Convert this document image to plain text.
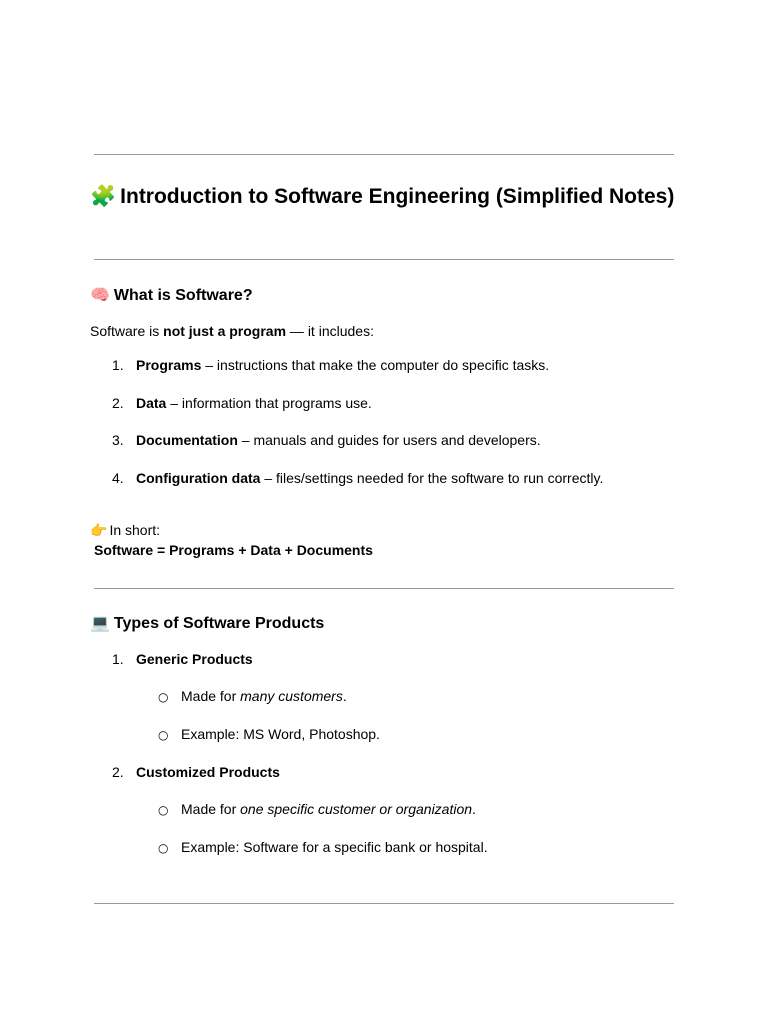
🧩 Introduction to Software Engineering (Simplified Notes)
🧠 What is Software?

Software is not just a program — it includes:

1. Programs – instructions that make the computer do specific tasks.
2. Data – information that programs use.
3. Documentation – manuals and guides for users and developers.
4. Configuration data – files/settings needed for the software to run correctly.

👉 In short:

Software = Programs + Data + Documents

💻 Types of Software Products
1. Generic Products
○ Made for many customers.
○ Example: MS Word, Photoshop.
2. Customized Products
○ Made for one specific customer or organization.
○ Example: Software for a specific bank or hospital.
